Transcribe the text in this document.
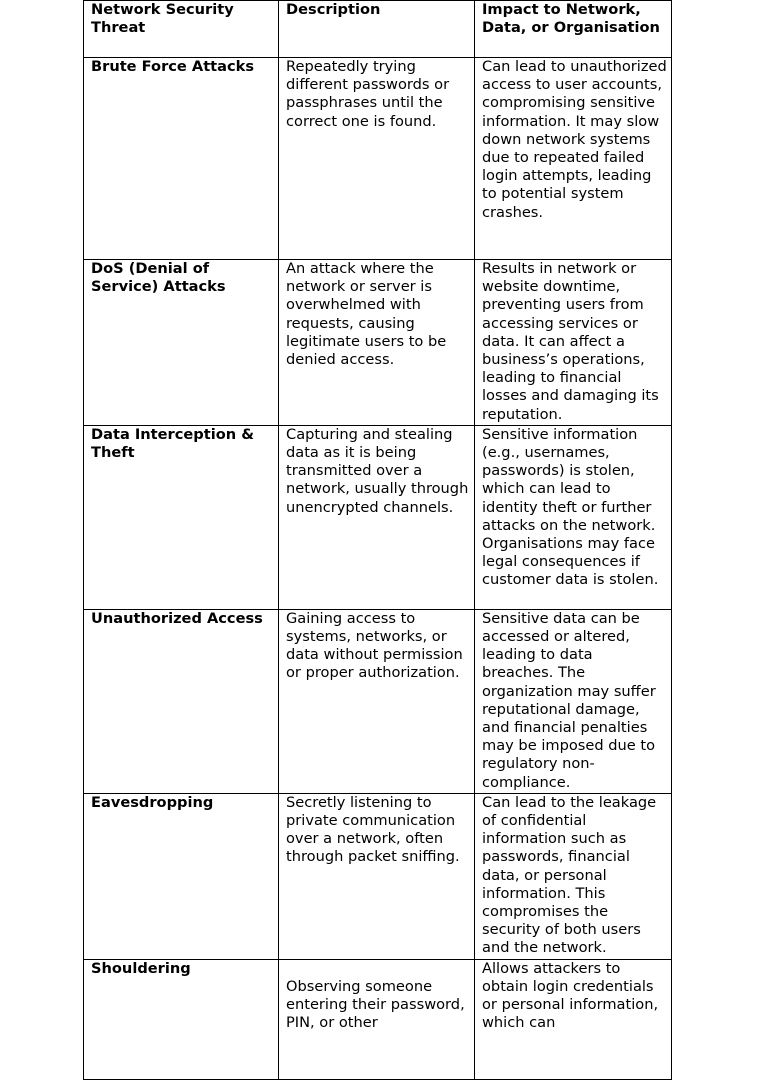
Network Security Threat	Description	Impact to Network, Data, or Organisation
Brute Force Attacks	Repeatedly trying different passwords or passphrases until the correct one is found.	Can lead to unauthorized access to user accounts, compromising sensitive information. It may slow down network systems due to repeated failed login attempts, leading to potential system crashes.
DoS (Denial of Service) Attacks	An attack where the network or server is overwhelmed with requests, causing legitimate users to be denied access.	Results in network or website downtime, preventing users from accessing services or data. It can affect a business’s operations, leading to financial losses and damaging its reputation.
Data Interception & Theft	Capturing and stealing data as it is being transmitted over a network, usually through unencrypted channels.	Sensitive information (e.g., usernames, passwords) is stolen, which can lead to identity theft or further attacks on the network. Organisations may face legal consequences if customer data is stolen.
Unauthorized Access	Gaining access to systems, networks, or data without permission or proper authorization.	Sensitive data can be accessed or altered, leading to data breaches. The organization may suffer reputational damage, and financial penalties may be imposed due to regulatory non-compliance.
Eavesdropping	Secretly listening to private communication over a network, often through packet sniffing.	Can lead to the leakage of confidential information such as passwords, financial data, or personal information. This compromises the security of both users and the network.
Shouldering	Observing someone entering their password, PIN, or other	Allows attackers to obtain login credentials or personal information, which can
